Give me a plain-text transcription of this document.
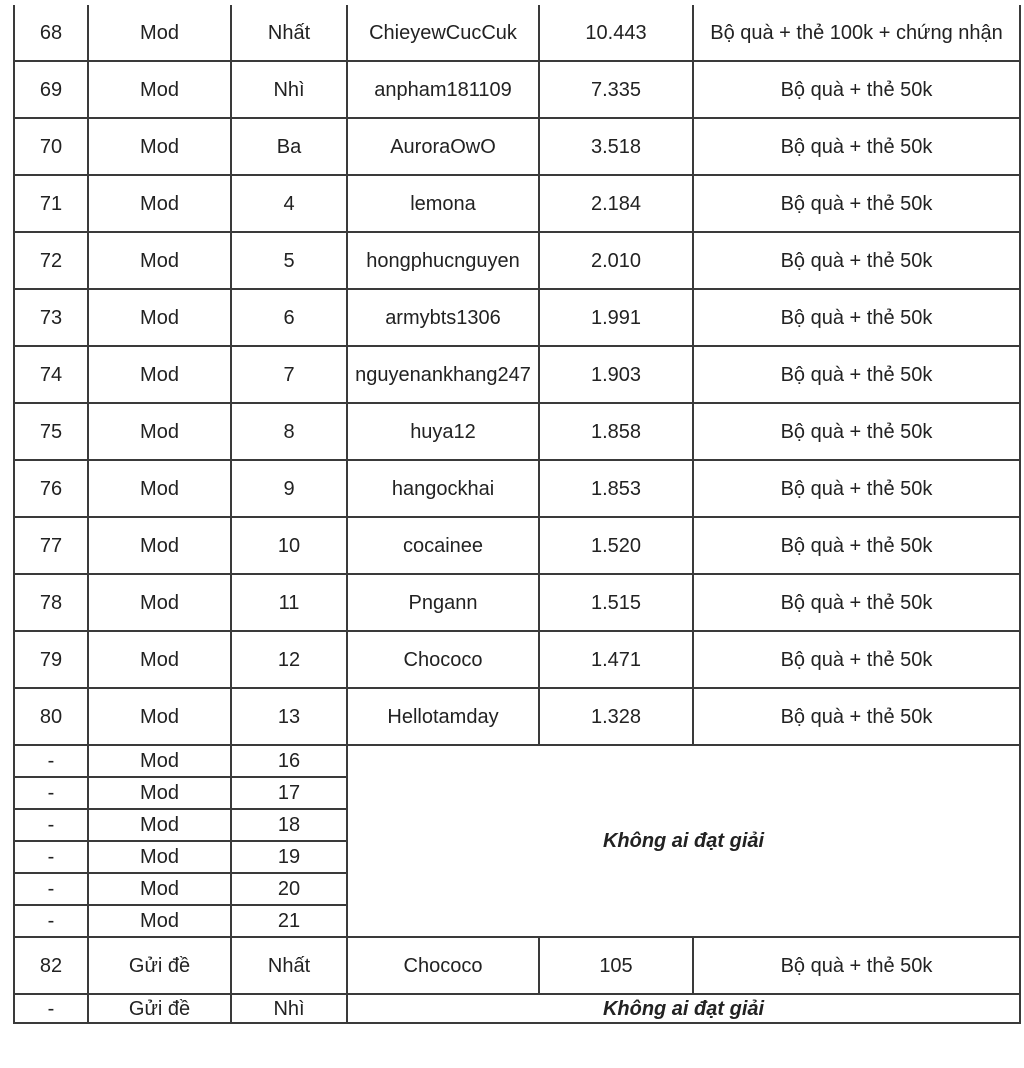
68	Mod	Nhất	ChieyewCucCuk	10.443	Bộ quà + thẻ 100k + chứng nhận
69	Mod	Nhì	anpham181109	7.335	Bộ quà + thẻ 50k
70	Mod	Ba	AuroraOwO	3.518	Bộ quà + thẻ 50k
71	Mod	4	lemona	2.184	Bộ quà + thẻ 50k
72	Mod	5	hongphucnguyen	2.010	Bộ quà + thẻ 50k
73	Mod	6	armybts1306	1.991	Bộ quà + thẻ 50k
74	Mod	7	nguyenankhang247	1.903	Bộ quà + thẻ 50k
75	Mod	8	huya12	1.858	Bộ quà + thẻ 50k
76	Mod	9	hangockhai	1.853	Bộ quà + thẻ 50k
77	Mod	10	cocainee	1.520	Bộ quà + thẻ 50k
78	Mod	11	Pngann	1.515	Bộ quà + thẻ 50k
79	Mod	12	Chococo	1.471	Bộ quà + thẻ 50k
80	Mod	13	Hellotamday	1.328	Bộ quà + thẻ 50k
-	Mod	16	Không ai đạt giải		
-	Mod	17			
-	Mod	18			
-	Mod	19			
-	Mod	20			
-	Mod	21			
82	Gửi đề	Nhất	Chococo	105	Bộ quà + thẻ 50k
-	Gửi đề	Nhì	Không ai đạt giải		
